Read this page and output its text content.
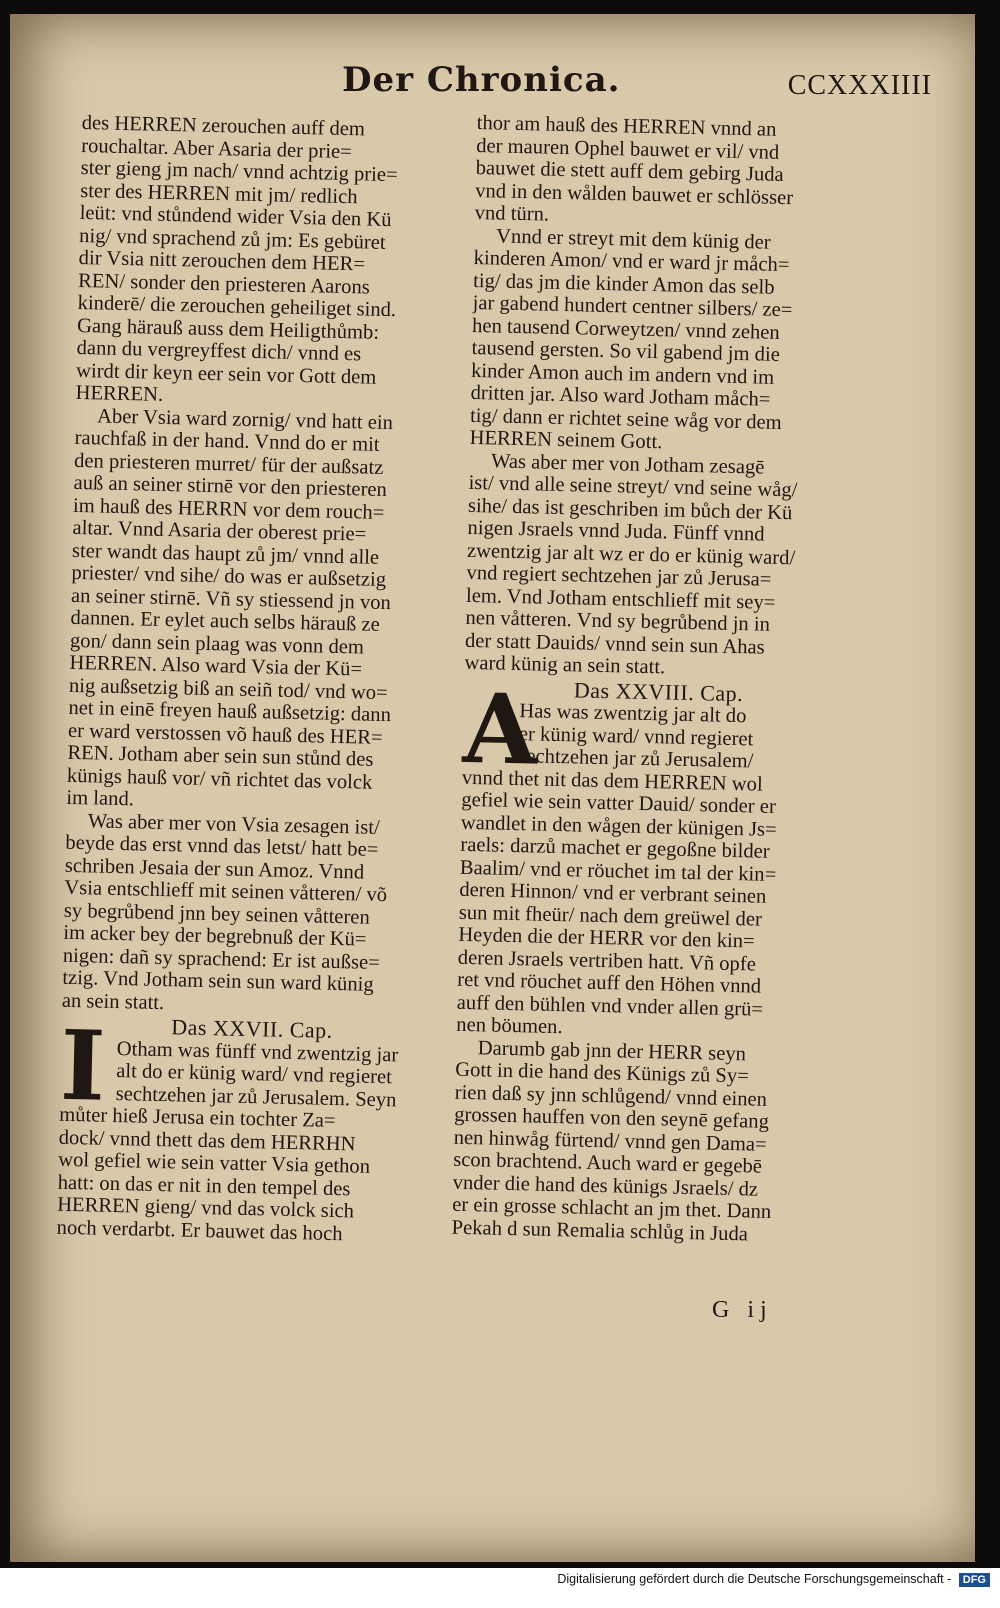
Der Chronica.	CCXXXIIII
des HERREN zerouchen auff dem
rouchaltar. Aber Asaria der prie=
ster gieng jm nach/ vnnd achtzig prie=
ster des HERREN mit jm/ redlich
leüt: vnd stůndend wider Vsia den Kü
nig/ vnd sprachend zů jm: Es gebüret
dir Vsia nitt zerouchen dem HER=
REN/ sonder den priesteren Aarons
kinderē/ die zerouchen geheiliget sind.
Gang härauß auss dem Heiligthůmb:
dann du vergreyffest dich/ vnnd es
wirdt dir keyn eer sein vor Gott dem
HERREN.
Aber Vsia ward zornig/ vnd hatt ein
rauchfaß in der hand. Vnnd do er mit
den priesteren murret/ für der außsatz
auß an seiner stirnē vor den priesteren
im hauß des HERRN vor dem rouch=
altar. Vnnd Asaria der oberest prie=
ster wandt das haupt zů jm/ vnnd alle
priester/ vnd sihe/ do was er außsetzig
an seiner stirnē. Vñ sy stiessend jn von
dannen. Er eylet auch selbs härauß ze
gon/ dann sein plaag was vonn dem
HERREN. Also ward Vsia der Kü=
nig außsetzig biß an seiñ tod/ vnd wo=
net in einē freyen hauß außsetzig: dann
er ward verstossen võ hauß des HER=
REN. Jotham aber sein sun stůnd des
künigs hauß vor/ vñ richtet das volck
im land.
Was aber mer von Vsia zesagen ist/
beyde das erst vnnd das letst/ hatt be=
schriben Jesaia der sun Amoz. Vnnd
Vsia entschlieff mit seinen våtteren/ võ
sy begrůbend jnn bey seinen våtteren
im acker bey der begrebnuß der Kü=
nigen: dañ sy sprachend: Er ist außse=
tzig. Vnd Jotham sein sun ward künig
an sein statt.
Das XXVII. Cap.
I Otham was fünff vnd zwentzig jar
alt do er künig ward/ vnd regieret
sechtzehen jar zů Jerusalem. Seyn
můter hieß Jerusa ein tochter Za=
dock/ vnnd thett das dem HERRHN
wol gefiel wie sein vatter Vsia gethon
hatt: on das er nit in den tempel des
HERREN gieng/ vnd das volck sich
noch verdarbt. Er bauwet das hoch
thor am hauß des HERREN vnnd an
der mauren Ophel bauwet er vil/ vnd
bauwet die stett auff dem gebirg Juda
vnd in den wålden bauwet er schlösser
vnd türn.
Vnnd er streyt mit dem künig der
kinderen Amon/ vnd er ward jr måch=
tig/ das jm die kinder Amon das selb
jar gabend hundert centner silbers/ ze=
hen tausend Corweytzen/ vnnd zehen
tausend gersten. So vil gabend jm die
kinder Amon auch im andern vnd im
dritten jar. Also ward Jotham måch=
tig/ dann er richtet seine wåg vor dem
HERREN seinem Gott.
Was aber mer von Jotham zesagē
ist/ vnd alle seine streyt/ vnd seine wåg/
sihe/ das ist geschriben im bůch der Kü
nigen Jsraels vnnd Juda. Fünff vnnd
zwentzig jar alt wz er do er künig ward/
vnd regiert sechtzehen jar zů Jerusa=
lem. Vnd Jotham entschlieff mit sey=
nen våtteren. Vnd sy begrůbend jn in
der statt Dauids/ vnnd sein sun Ahas
ward künig an sein statt.
Das XXVIII. Cap.
A
Has was zwentzig jar alt do
er künig ward/ vnnd regieret
sechtzehen jar zů Jerusalem/
vnnd thet nit das dem HERREN wol
gefiel wie sein vatter Dauid/ sonder er
wandlet in den wågen der künigen Js=
raels: darzů machet er gegoßne bilder
Baalim/ vnd er röuchet im tal der kin=
deren Hinnon/ vnd er verbrant seinen
sun mit fheür/ nach dem greüwel der
Heyden die der HERR vor den kin=
deren Jsraels vertriben hatt. Vñ opfe
ret vnd röuchet auff den Höhen vnnd
auff den bühlen vnd vnder allen grü=
nen böumen.
Darumb gab jnn der HERR seyn
Gott in die hand des Künigs zů Sy=
rien daß sy jnn schlůgend/ vnnd einen
grossen hauffen von den seynē gefang
nen hinwåg fürtend/ vnnd gen Dama=
scon brachtend. Auch ward er gegebē
vnder die hand des künigs Jsraels/ dz
er ein grosse schlacht an jm thet. Dann
Pekah d sun Remalia schlůg in Juda
G ij
Digitalisierung gefördert durch die Deutsche Forschungsgemeinschaft - DFG
